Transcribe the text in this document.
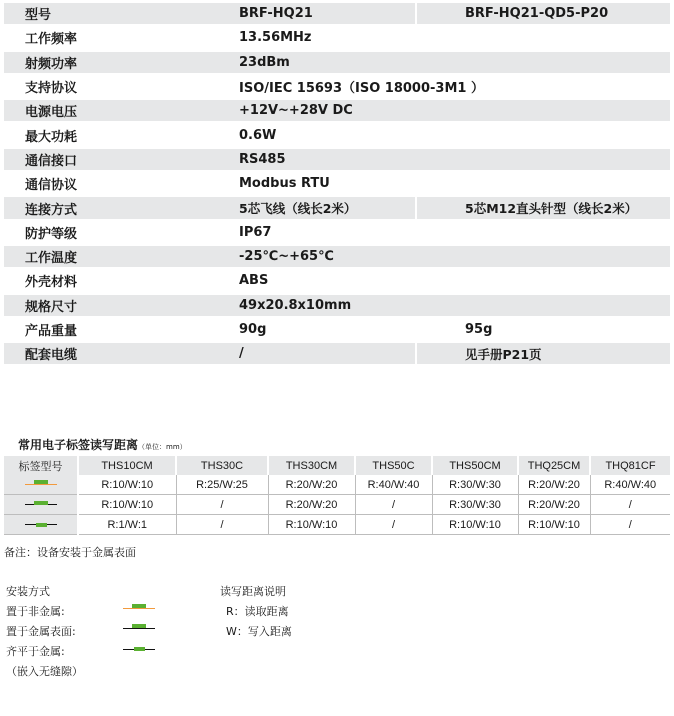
型号	BRF-HQ21	BRF-HQ21-QD5-P20
工作频率	13.56MHz	
射频功率	23dBm	
支持协议	ISO/IEC 15693（ISO 18000-3M1 ）	
电源电压	+12V~+28V DC	
最大功耗	0.6W	
通信接口	RS485	
通信协议	Modbus RTU	
连接方式	5芯飞线（线长2米）	5芯M12直头针型（线长2米）
防护等级	IP67	
工作温度	-25℃~+65℃	
外壳材料	ABS	
规格尺寸	49x20.8x10mm	
产品重量	90g	95g
配套电缆	/	见手册P21页
常用电子标签读写距离（单位：mm）
标签型号	THS10CM	THS30C	THS30CM	THS50C	THS50CM	THQ25CM	THQ81CF

	R:10/W:10	R:25/W:25	R:20/W:20	R:40/W:40	R:30/W:30	R:20/W:20	R:40/W:40

	R:10/W:10	/	R:20/W:20	/	R:30/W:30	R:20/W:20	/

	R:1/W:1	/	R:10/W:10	/	R:10/W:10	R:10/W:10	/
备注：设备安装于金属表面
安装方式
置于非金属:
置于金属表面:
齐平于金属:
（嵌入无缝隙）
读写距离说明
R：读取距离
W：写入距离
